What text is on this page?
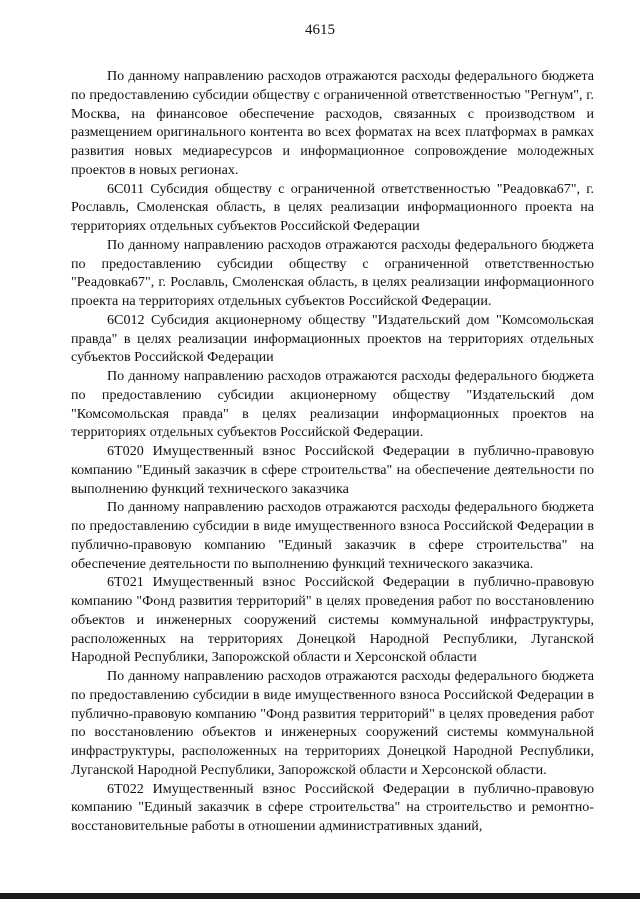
4615

По данному направлению расходов отражаются расходы федерального бюджета по предоставлению субсидии обществу с ограниченной ответственностью "Регнум", г. Москва, на финансовое обеспечение расходов, связанных с производством и размещением оригинального контента во всех форматах на всех платформах в рамках развития новых медиаресурсов и информационное сопровождение молодежных проектов в новых регионах.

6С011 Субсидия обществу с ограниченной ответственностью "Реадовка67", г. Рославль, Смоленская область, в целях реализации информационного проекта на территориях отдельных субъектов Российской Федерации

По данному направлению расходов отражаются расходы федерального бюджета по предоставлению субсидии обществу с ограниченной ответственностью "Реадовка67", г. Рославль, Смоленская область, в целях реализации информационного проекта на территориях отдельных субъектов Российской Федерации.

6С012 Субсидия акционерному обществу "Издательский дом "Комсомольская правда" в целях реализации информационных проектов на территориях отдельных субъектов Российской Федерации

По данному направлению расходов отражаются расходы федерального бюджета по предоставлению субсидии акционерному обществу "Издательский дом "Комсомольская правда" в целях реализации информационных проектов на территориях отдельных субъектов Российской Федерации.

6Т020 Имущественный взнос Российской Федерации в публично-правовую компанию "Единый заказчик в сфере строительства" на обеспечение деятельности по выполнению функций технического заказчика

По данному направлению расходов отражаются расходы федерального бюджета по предоставлению субсидии в виде имущественного взноса Российской Федерации в публично-правовую компанию "Единый заказчик в сфере строительства" на обеспечение деятельности по выполнению функций технического заказчика.

6Т021 Имущественный взнос Российской Федерации в публично-правовую компанию "Фонд развития территорий" в целях проведения работ по восстановлению объектов и инженерных сооружений системы коммунальной инфраструктуры, расположенных на территориях Донецкой Народной Республики, Луганской Народной Республики, Запорожской области и Херсонской области

По данному направлению расходов отражаются расходы федерального бюджета по предоставлению субсидии в виде имущественного взноса Российской Федерации в публично-правовую компанию "Фонд развития территорий" в целях проведения работ по восстановлению объектов и инженерных сооружений системы коммунальной инфраструктуры, расположенных на территориях Донецкой Народной Республики, Луганской Народной Республики, Запорожской области и Херсонской области.

6Т022 Имущественный взнос Российской Федерации в публично-правовую компанию "Единый заказчик в сфере строительства" на строительство и ремонтно-восстановительные работы в отношении административных зданий,
